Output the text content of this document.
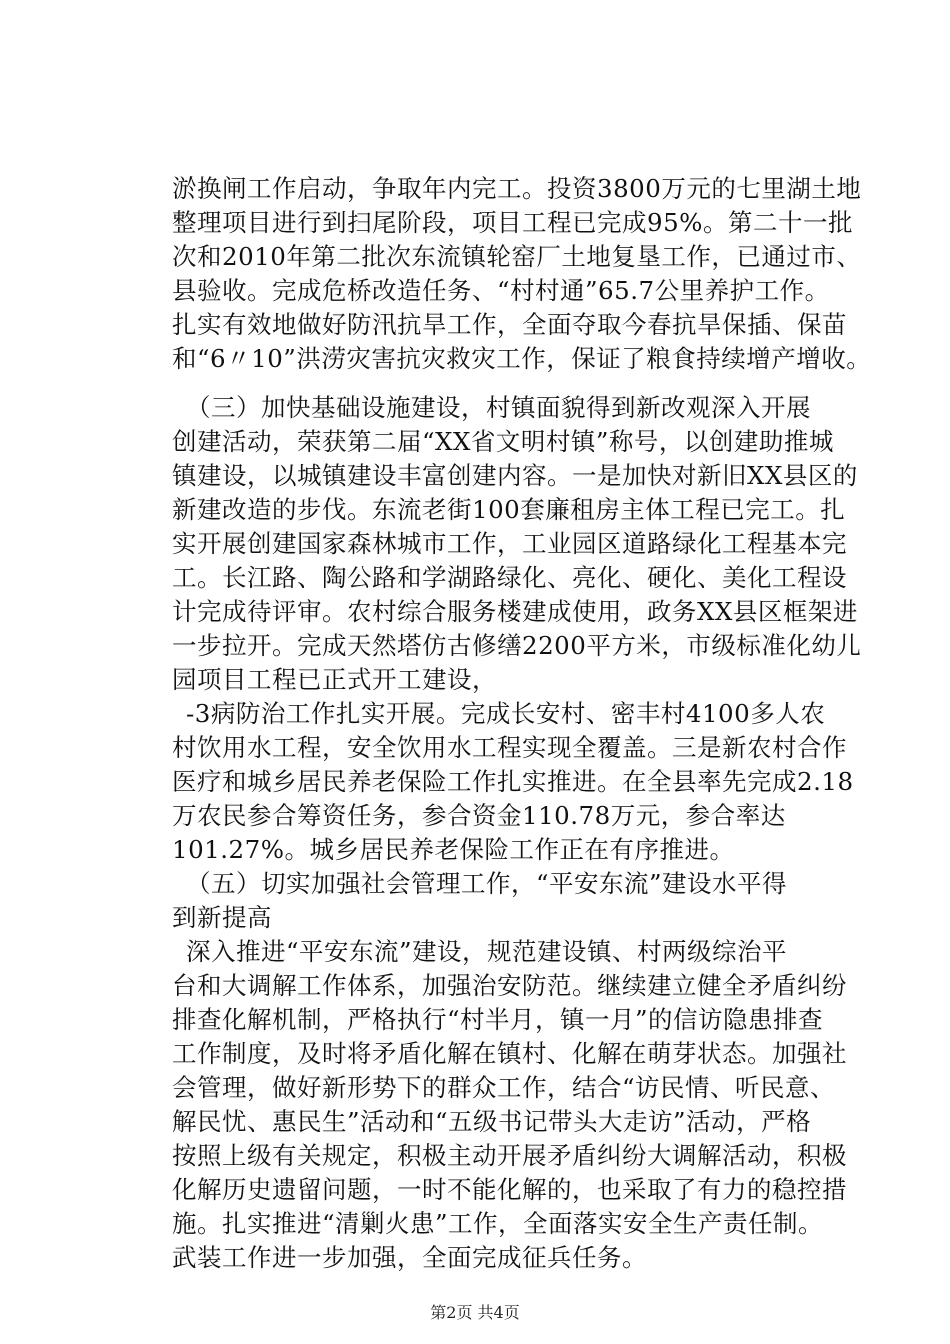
淤换闸工作启动，争取年内完工。投资3800万元的七里湖土地
整理项目进行到扫尾阶段，项目工程已完成95%。第二十一批
次和2010年第二批次东流镇轮窑厂土地复垦工作，已通过市、
县验收。完成危桥改造任务、“村村通”65.7公里养护工作。
扎实有效地做好防汛抗旱工作，全面夺取今春抗旱保插、保苗
和“6〃10”洪涝灾害抗灾救灾工作，保证了粮食持续增产增收。
（三）加快基础设施建设，村镇面貌得到新改观深入开展
创建活动，荣获第二届“XX省文明村镇”称号，以创建助推城
镇建设，以城镇建设丰富创建内容。一是加快对新旧XX县区的
新建改造的步伐。东流老街100套廉租房主体工程已完工。扎
实开展创建国家森林城市工作，工业园区道路绿化工程基本完
工。长江路、陶公路和学湖路绿化、亮化、硬化、美化工程设
计完成待评审。农村综合服务楼建成使用，政务XX县区框架进
一步拉开。完成天然塔仿古修缮2200平方米，市级标准化幼儿
园项目工程已正式开工建设，
-3病防治工作扎实开展。完成长安村、密丰村4100多人农
村饮用水工程，安全饮用水工程实现全覆盖。三是新农村合作
医疗和城乡居民养老保险工作扎实推进。在全县率先完成2.18
万农民参合筹资任务，参合资金110.78万元，参合率达
101.27%。城乡居民养老保险工作正在有序推进。
（五）切实加强社会管理工作，“平安东流”建设水平得
到新提高
深入推进“平安东流”建设，规范建设镇、村两级综治平
台和大调解工作体系，加强治安防范。继续建立健全矛盾纠纷
排查化解机制，严格执行“村半月，镇一月”的信访隐患排查
工作制度，及时将矛盾化解在镇村、化解在萌芽状态。加强社
会管理，做好新形势下的群众工作，结合“访民情、听民意、
解民忧、惠民生”活动和“五级书记带头大走访”活动，严格
按照上级有关规定，积极主动开展矛盾纠纷大调解活动，积极
化解历史遗留问题，一时不能化解的，也采取了有力的稳控措
施。扎实推进“清剿火患”工作，全面落实安全生产责任制。
武装工作进一步加强，全面完成征兵任务。
第2页 共4页
